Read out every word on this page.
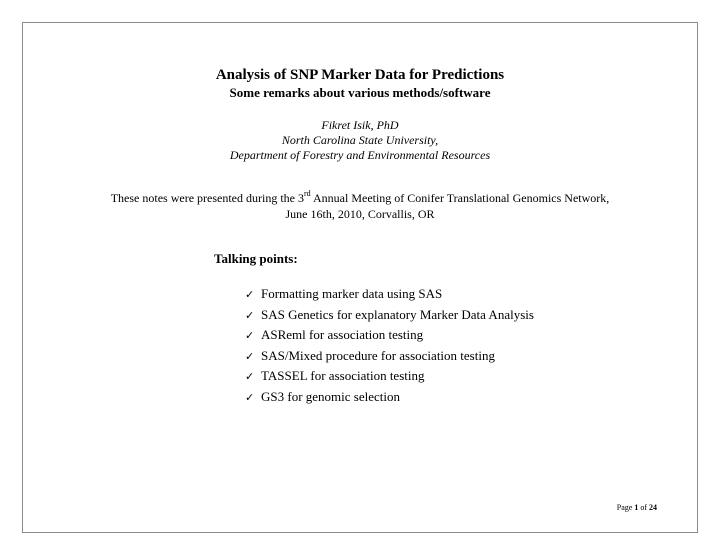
Analysis of SNP Marker Data for Predictions
Some remarks about various methods/software
Fikret Isik, PhD
North Carolina State University,
Department of Forestry and Environmental Resources
These notes were presented during the 3rd Annual Meeting of Conifer Translational Genomics Network,
June 16th, 2010, Corvallis, OR
Talking points:
✓ Formatting marker data using SAS
✓ SAS Genetics for explanatory Marker Data Analysis
✓ ASReml for association testing
✓ SAS/Mixed procedure for association testing
✓ TASSEL for association testing
✓ GS3 for genomic selection
Page 1 of 24
